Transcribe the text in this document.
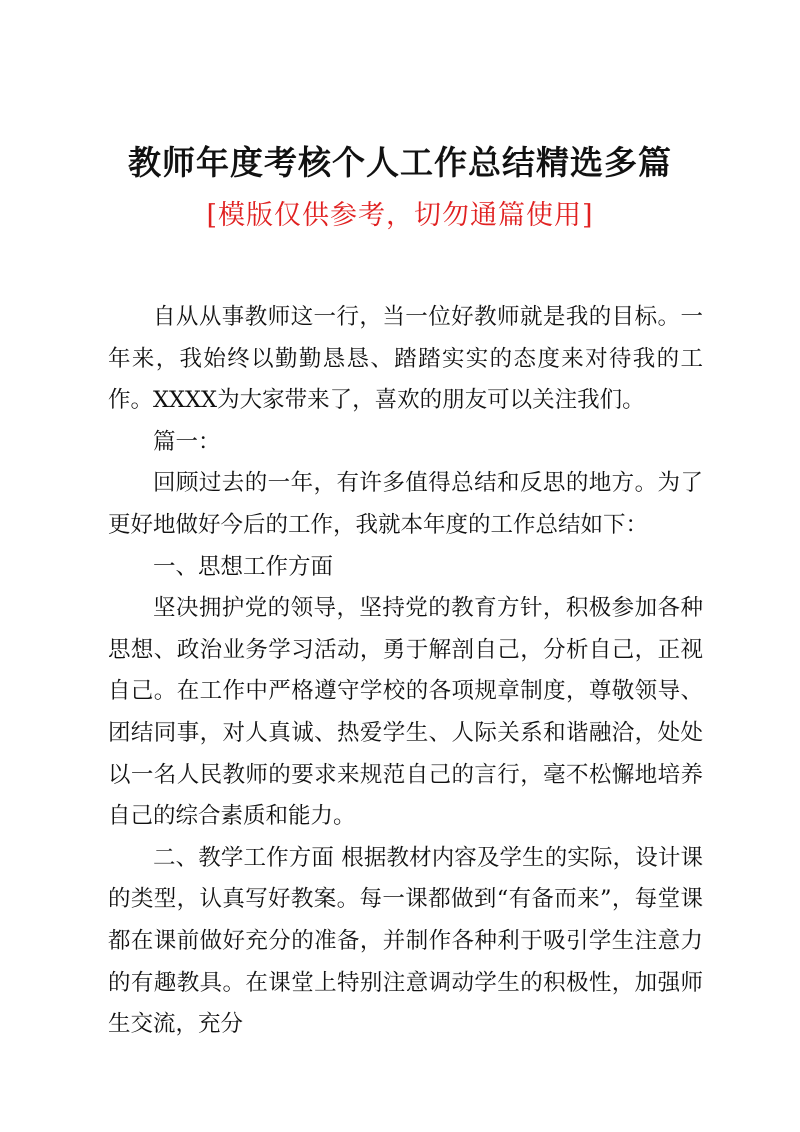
教师年度考核个人工作总结精选多篇
[模版仅供参考，切勿通篇使用]

自从从事教师这一行，当一位好教师就是我的目标。一年来，我始终以勤勤恳恳、踏踏实实的态度来对待我的工作。XXXX为大家带来了，喜欢的朋友可以关注我们。

篇一：

回顾过去的一年，有许多值得总结和反思的地方。为了更好地做好今后的工作，我就本年度的工作总结如下：

一、思想工作方面

坚决拥护党的领导，坚持党的教育方针，积极参加各种思想、政治业务学习活动，勇于解剖自己，分析自己，正视自己。在工作中严格遵守学校的各项规章制度，尊敬领导、团结同事，对人真诚、热爱学生、人际关系和谐融洽，处处以一名人民教师的要求来规范自己的言行，毫不松懈地培养自己的综合素质和能力。

二、教学工作方面 根据教材内容及学生的实际，设计课的类型，认真写好教案。每一课都做到“有备而来”，每堂课都在课前做好充分的准备，并制作各种利于吸引学生注意力的有趣教具。在课堂上特别注意调动学生的积极性，加强师生交流，充分
